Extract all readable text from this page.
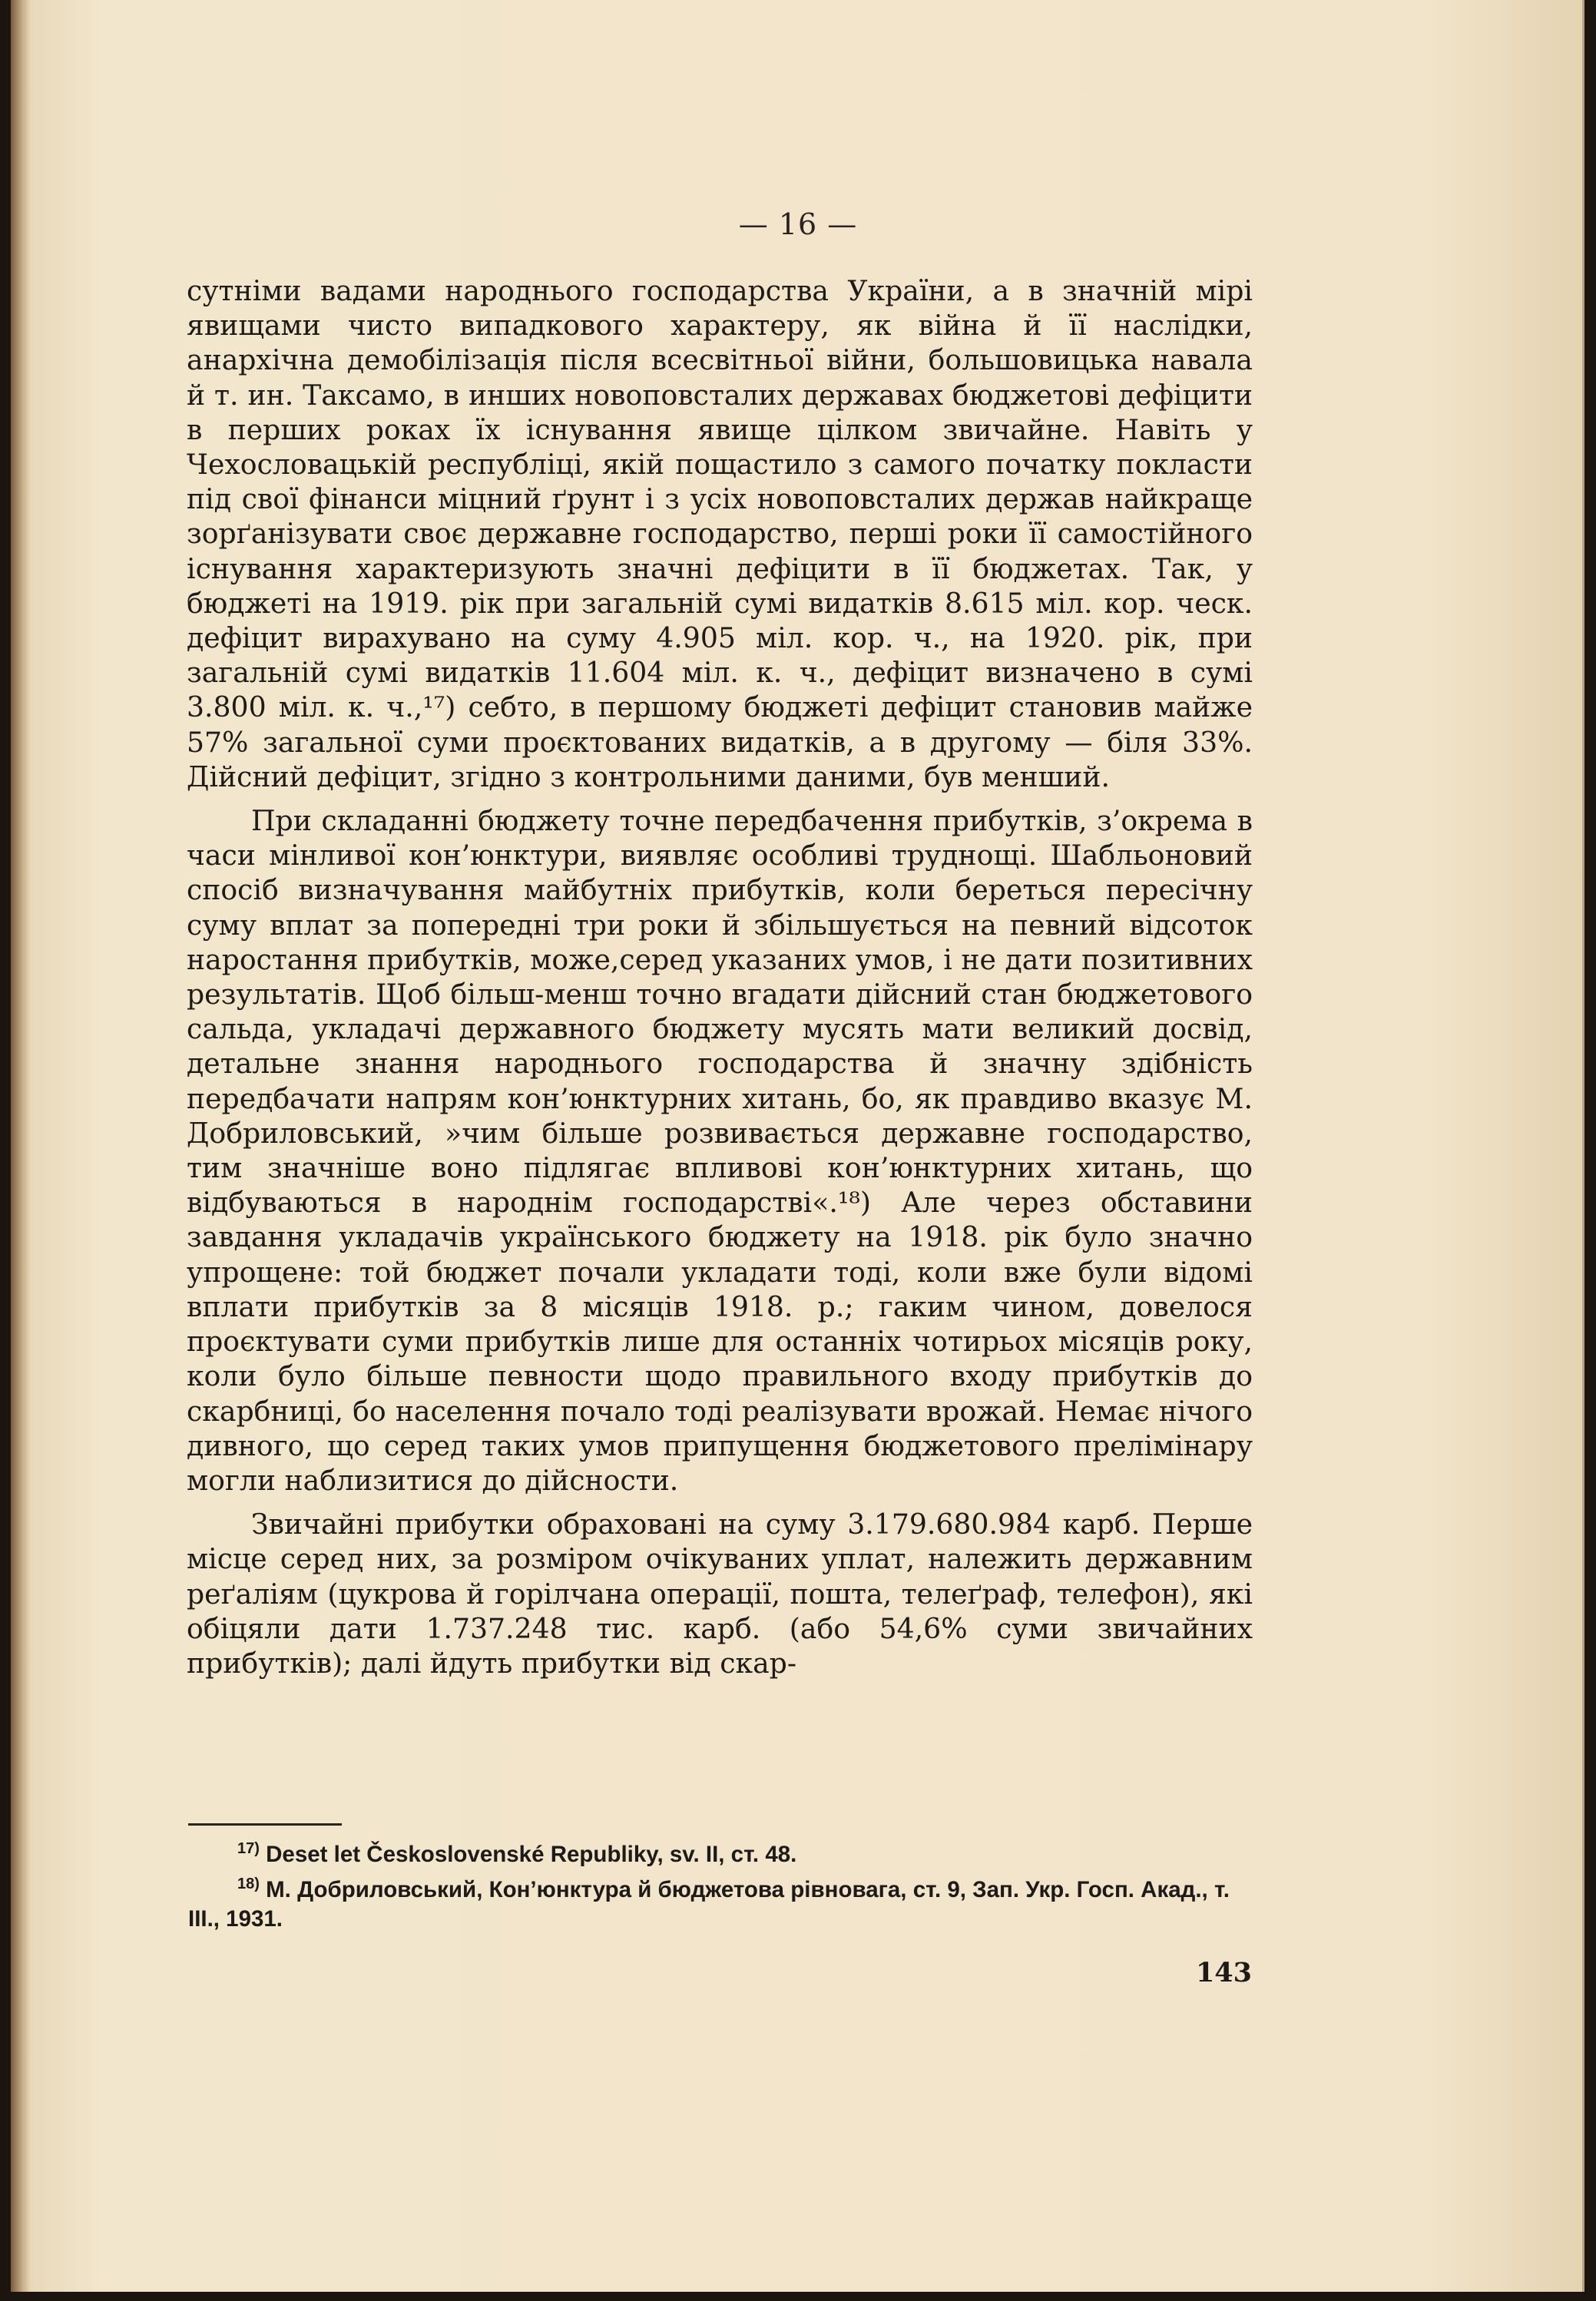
— 16 —

сутніми вадами народнього господарства України, а в значній мірі явищами чисто випадкового характеру, як війна й її наслідки, анархічна демобілізація після всесвітньої війни, большовицька навала й т. ин. Таксамо, в инших новоповсталих державах бюджетові дефіцити в перших роках їх існування явище цілком звичайне. Навіть у Чехословацькій республіці, якій пощастило з самого початку покласти під свої фінанси міцний ґрунт і з усіх новоповсталих держав найкраще зорґанізувати своє державне господарство, перші роки її самостійного існування характеризують значні дефіцити в її бюджетах. Так, у бюджеті на 1919. рік при загальній сумі видатків 8.615 міл. кор. ческ. дефіцит вирахувано на суму 4.905 міл. кор. ч., на 1920. рік, при загальній сумі видатків 11.604 міл. к. ч., дефіцит визначено в сумі 3.800 міл. к. ч.,¹⁷) себто, в першому бюджеті дефіцит становив майже 57% загальної суми проєктованих видатків, а в другому — біля 33%. Дійсний дефіцит, згідно з контрольними даними, був менший.

При складанні бюджету точне передбачення прибутків, з’окрема в часи мінливої кон’юнктури, виявляє особливі труднощі. Шабльоновий спосіб визначування майбутніх прибутків, коли береться пересічну суму вплат за попередні три роки й збільшується на певний відсоток наростання прибутків, може,серед указаних умов, і не дати позитивних результатів. Щоб більш-менш точно вгадати дійсний стан бюджетового сальда, укладачі державного бюджету мусять мати великий досвід, детальне знання народнього господарства й значну здібність передбачати напрям кон’юнктурних хитань, бо, як правдиво вказує М. Добриловський, »чим більше розвивається державне господарство, тим значніше воно підлягає впливові кон’юнктурних хитань, що відбуваються в народнім господарстві«.¹⁸) Але через обставини завдання укладачів українського бюджету на 1918. рік було значно упрощене: той бюджет почали укладати тоді, коли вже були відомі вплати прибутків за 8 місяців 1918. р.; гаким чином, довелося проєктувати суми прибутків лише для останніх чотирьох місяців року, коли було більше певности щодо правильного входу прибутків до скарбниці, бо населення почало тоді реалізувати врожай. Немає нічого дивного, що серед таких умов припущення бюджетового прелімінару могли наблизитися до дійсности.

Звичайні прибутки обраховані на суму 3.179.680.984 карб. Перше місце серед них, за розміром очікуваних уплат, належить державним реґаліям (цукрова й горілчана операції, пошта, телеґраф, телефон), які обіцяли дати 1.737.248 тис. карб. (або 54,6% суми звичайних прибутків); далі йдуть прибутки від скар-

$^{17)}$ Deset let Československé Republiky, sv. II, ст. 48.

$^{18)}$ М. Добриловський, Кон’юнктура й бюджетова рівновага, ст. 9, Зап. Укр. Госп. Акад., т. III., 1931.

143
